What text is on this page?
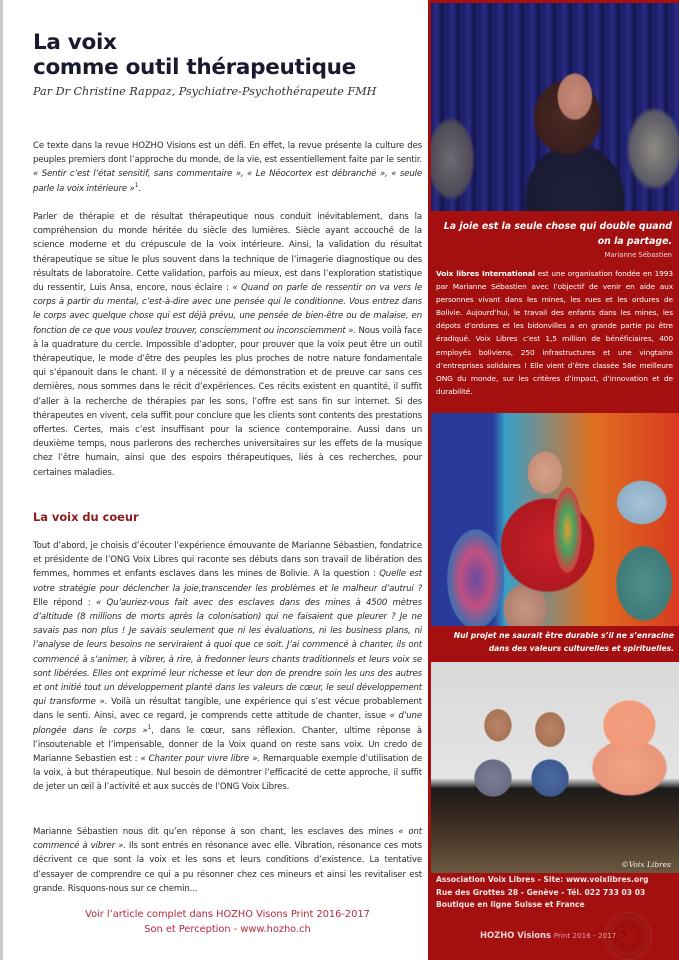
La voix
comme outil thérapeutique
Par Dr Christine Rappaz, Psychiatre-Psychothérapeute FMH

Ce texte dans la revue HOZHO Visions est un défi. En effet, la revue présente la culture des peuples premiers dont l’approche du monde, de la vie, est essentiellement faite par le sentir. « Sentir c’est l’état sensitif, sans commentaire », « Le Néocortex est débranché », « seule parle la voix intérieure »$^1$.

Parler de thérapie et de résultat thérapeutique nous conduit inévitablement, dans la compréhension du monde héritée du siècle des lumières. Siècle ayant accouché de la science moderne et du crépuscule de la voix intérieure. Ainsi, la validation du résultat thérapeutique se situe le plus souvent dans la technique de l’imagerie diagnostique ou des résultats de laboratoire. Cette validation, parfois au mieux, est dans l’exploration statistique du ressentir, Luis Ansa, encore, nous éclaire : « Quand on parle de ressentir on va vers le corps à partir du mental, c’est-à-dire avec une pensée qui le conditionne. Vous entrez dans le corps avec quelque chose qui est déjà prévu, une pensée de bien-être ou de malaise, en fonction de ce que vous voulez trouver, consciemment ou inconsciemment ». Nous voilà face à la quadrature du cercle. Impossible d’adopter, pour prouver que la voix peut être un outil thérapeutique, le mode d’être des peuples les plus proches de notre nature fondamentale qui s’épanouit dans le chant. Il y a nécessité de démonstration et de preuve car sans ces dernières, nous sommes dans le récit d’expériences. Ces récits existent en quantité, il suffit d’aller à la recherche de thérapies par les sons, l’offre est sans fin sur internet. Si des thérapeutes en vivent, cela suffit pour conclure que les clients sont contents des prestations offertes. Certes, mais c’est insuffisant pour la science contemporaine. Aussi dans un deuxième temps, nous parlerons des recherches universitaires sur les effets de la musique chez l’être humain, ainsi que des espoirs thérapeutiques, liés à ces recherches, pour certaines maladies.

La voix du coeur

Tout d’abord, je choisis d’écouter l’expérience émouvante de Marianne Sébastien, fondatrice et présidente de l’ONG Voix Libres qui raconte ses débuts dans son travail de libération des femmes, hommes et enfants esclaves dans les mines de Bolivie. A la question : Quelle est votre stratégie pour déclencher la joie,transcender les problèmes et le malheur d’autrui ? Elle répond : « Qu’auriez-vous fait avec des esclaves dans des mines à 4500 mètres d’altitude (8 millions de morts après la colonisation) qui ne faisaient que pleurer ? Je ne savais pas non plus ! Je savais seulement que ni les évaluations, ni les business plans, ni l’analyse de leurs besoins ne serviraient à quoi que ce soit. J’ai commencé à chanter, ils ont commencé à s’animer, à vibrer, à rire, à fredonner leurs chants traditionnels et leurs voix se sont libérées. Elles ont exprimé leur richesse et leur don de prendre soin les uns des autres et ont initié tout un développement planté dans les valeurs de cœur, le seul développement qui transforme ». Voilà un résultat tangible, une expérience qui s’est vécue probablement dans le senti. Ainsi, avec ce regard, je comprends cette attitude de chanter, issue « d’une plongée dans le corps »$^1$, dans le cœur, sans réflexion. Chanter, ultime réponse à l’insoutenable et l’impensable, donner de la Voix quand on reste sans voix. Un credo de Marianne Sebastien est : « Chanter pour vivre libre ». Remarquable exemple d’utilisation de la voix, à but thérapeutique. Nul besoin de démontrer l’efficacité de cette approche, il suffit de jeter un œil à l’activité et aux succès de l’ONG Voix Libres.

Marianne Sébastien nous dit qu’en réponse à son chant, les esclaves des mines « ont commencé à vibrer ». Ils sont entrés en résonance avec elle. Vibration, résonance ces mots décrivent ce que sont la voix et les sons et leurs conditions d’existence. La tentative d’essayer de comprendre ce qui a pu résonner chez ces mineurs et ainsi les revitaliser est grande. Risquons-nous sur ce chemin...

Voir l’article complet dans HOZHO Visons Print 2016-2017
Son et Perception - www.hozho.ch
La joie est la seule chose qui double quand on la partage.
Marianne Sébastien
Voix libres International est une organisation fondée en 1993 par Marianne Sébastien avec l’objectif de venir en aide aux personnes vivant dans les mines, les rues et les ordures de Bolivie. Aujourd’hui, le travail des enfants dans les mines, les dépots d’ordures et les bidonvilles a en grande partie pu être éradiqué. Voix Libres c’est 1,5 million de bénéficiaires, 400 employés boliviens, 250 infrastructures et une vingtaine d’entreprises solidaires ! Elle vient d’être classée 58e meilleure ONG du monde, sur les critères d’impact, d’innovation et de durabilité.
Nul projet ne saurait être durable s’il ne s’enracine dans des valeurs culturelles et spirituelles.
©Voix Libres
Association Voix Libres - Site: www.voixlibres.org
Rue des Grottes 28 - Genève - Tél. 022 733 03 03
Boutique en ligne Suisse et France
HOZHO Visions Print 2016 - 2017 5
